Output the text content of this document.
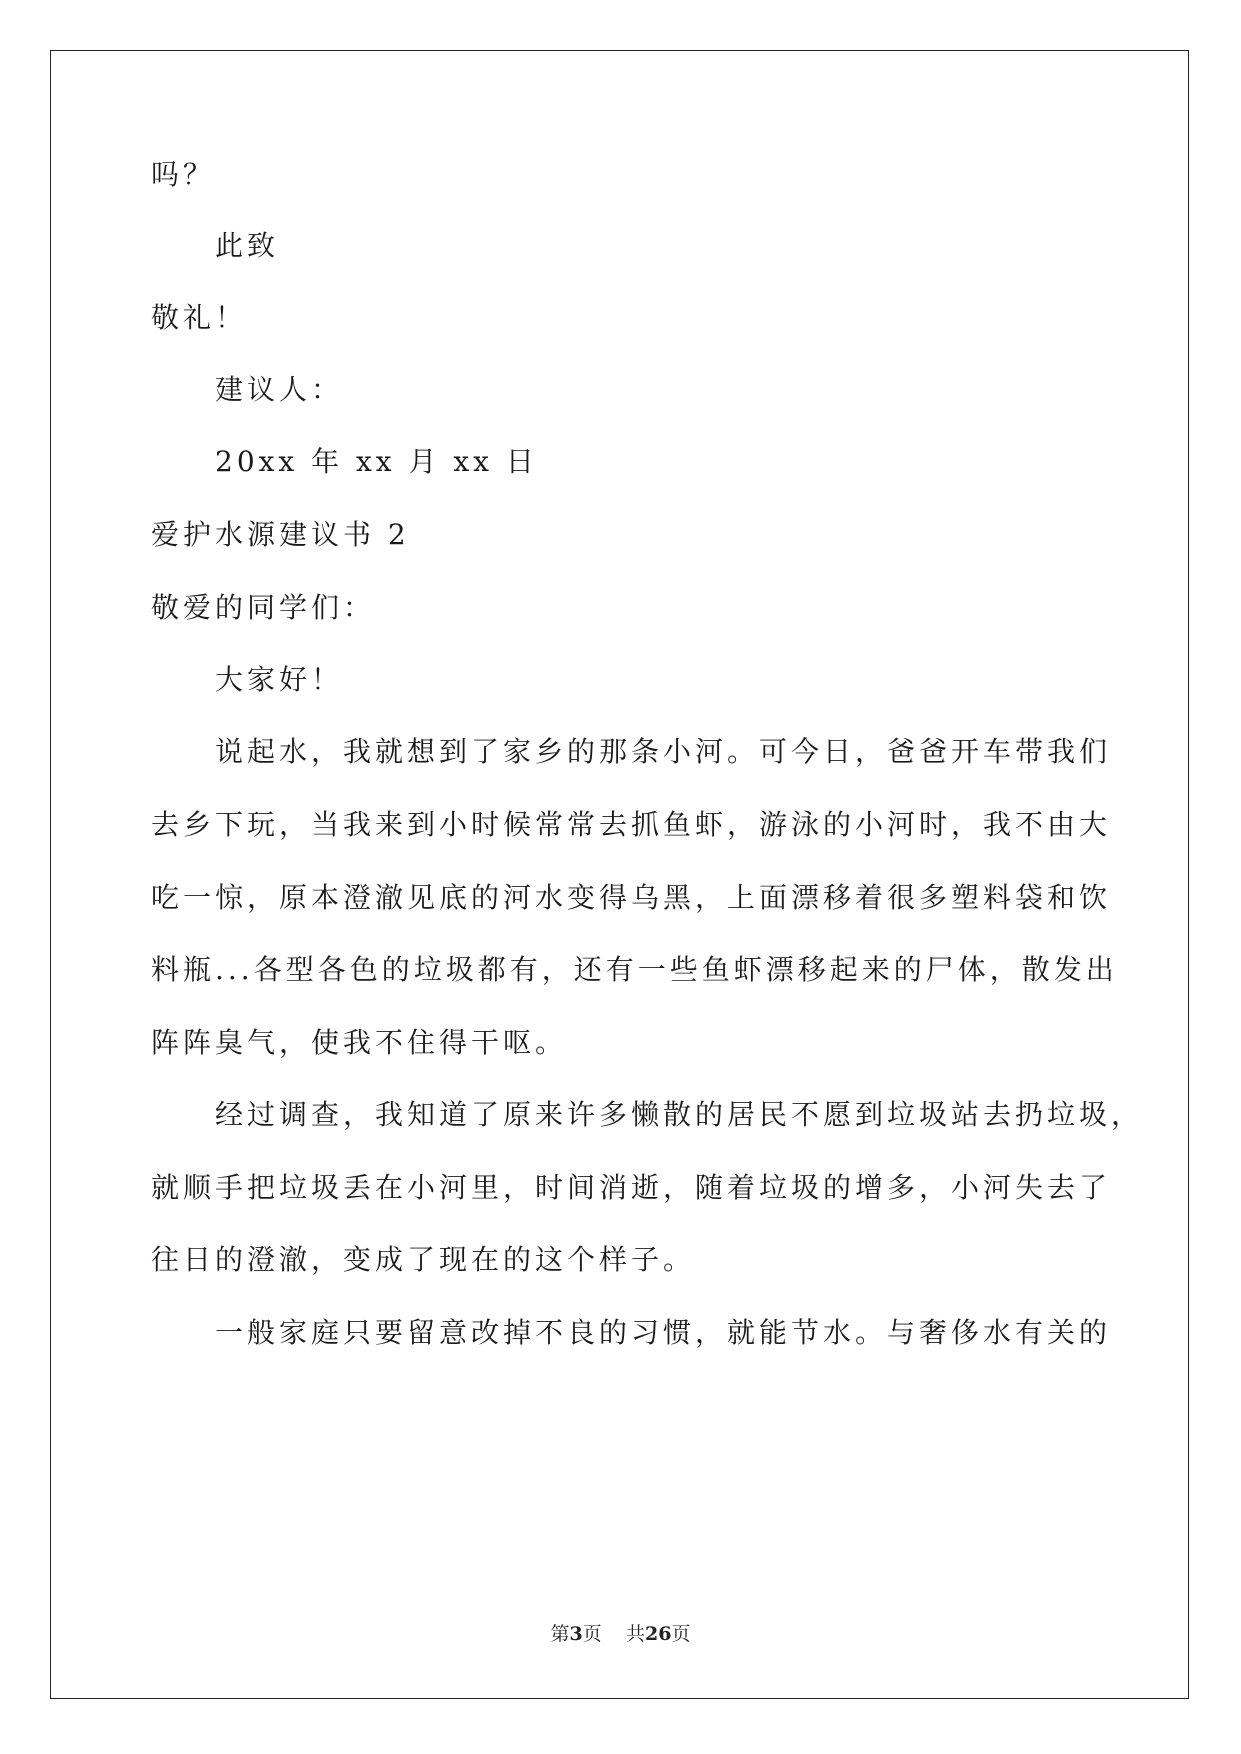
吗？
此致
敬礼！
建议人：
20xx 年 xx 月 xx 日
爱护水源建议书 2
敬爱的同学们：
大家好！
说起水，我就想到了家乡的那条小河。可今日，爸爸开车带我们
去乡下玩，当我来到小时候常常去抓鱼虾，游泳的小河时，我不由大
吃一惊，原本澄澈见底的河水变得乌黑，上面漂移着很多塑料袋和饮
料瓶...各型各色的垃圾都有，还有一些鱼虾漂移起来的尸体，散发出
阵阵臭气，使我不住得干呕。
经过调查，我知道了原来许多懒散的居民不愿到垃圾站去扔垃圾，
就顺手把垃圾丢在小河里，时间消逝，随着垃圾的增多，小河失去了
往日的澄澈，变成了现在的这个样子。
一般家庭只要留意改掉不良的习惯，就能节水。与奢侈水有关的
第3页 共26页
